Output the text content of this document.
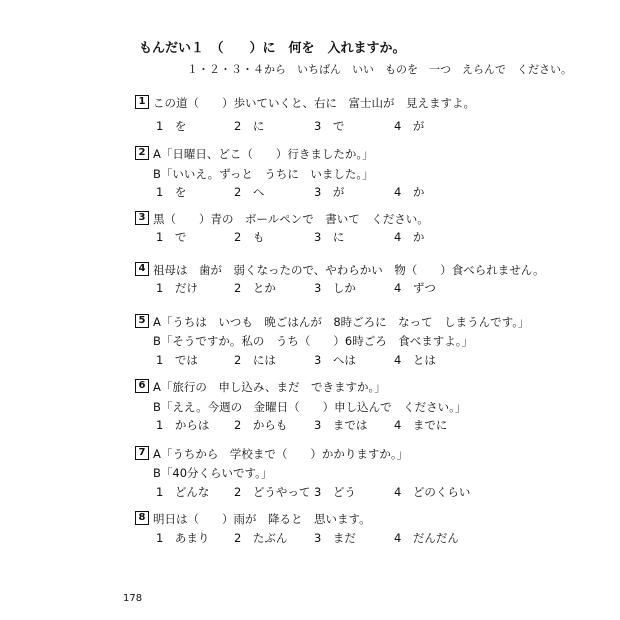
もんだい１　（　　）に　何を　入れますか。
１・２・３・４から　いちばん　いい　ものを　一つ　えらんで　ください。
1 この道（　　）歩いていくと、右に　富士山が　見えますよ。
1　を	2　に	3　で	4　が
2 A「日曜日、どこ（　　）行きましたか。」
B「いいえ。ずっと　うちに　いました。」
1　を	2　へ	3　が	4　か
3 黒（　　）青の　ボールペンで　書いて　ください。
1　で	2　も	3　に	4　か
4 祖母は　歯が　弱くなったので、やわらかい　物（　　）食べられません。
1　だけ	2　とか	3　しか	4　ずつ
5 A「うちは　いつも　晩ごはんが　8時ごろに　なって　しまうんです。」
B「そうですか。私の　うち（　　）6時ごろ　食べますよ。」
1　では	2　には	3　へは	4　とは
6 A「旅行の　申し込み、まだ　できますか。」
B「ええ。今週の　金曜日（　　）申し込んで　ください。」
1　からは 2　からも 3　までは 4　までに
7 A「うちから　学校まで（　　）かかりますか。」
B「40分くらいです。」
1　どんな 2　どうやって 3　どう	4　どのくらい
8 明日は（　　）雨が　降ると　思います。
1　あまり 2　たぶん 3　まだ	4　だんだん
178
